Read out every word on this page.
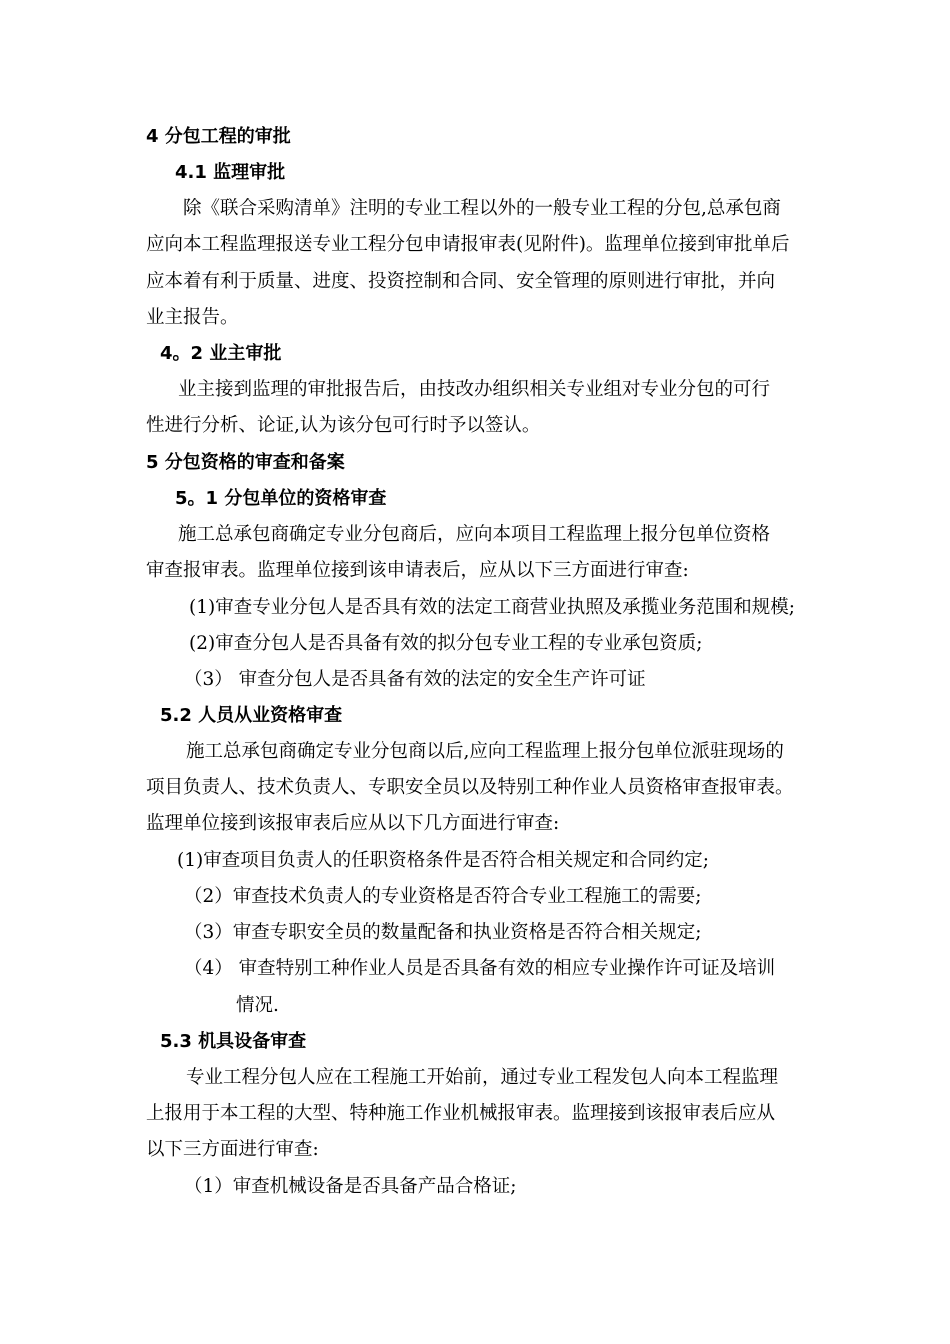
4 分包工程的审批
4.1 监理审批
除《联合采购清单》注明的专业工程以外的一般专业工程的分包,总承包商
应向本工程监理报送专业工程分包申请报审表(见附件)。监理单位接到审批单后
应本着有利于质量、进度、投资控制和合同、安全管理的原则进行审批，并向
业主报告。
4。2 业主审批
业主接到监理的审批报告后，由技改办组织相关专业组对专业分包的可行
性进行分析、论证,认为该分包可行时予以签认。
5 分包资格的审查和备案
5。1 分包单位的资格审查
施工总承包商确定专业分包商后，应向本项目工程监理上报分包单位资格
审查报审表。监理单位接到该申请表后，应从以下三方面进行审查:
(1)审查专业分包人是否具有效的法定工商营业执照及承揽业务范围和规模;
(2)审查分包人是否具备有效的拟分包专业工程的专业承包资质;
（3） 审查分包人是否具备有效的法定的安全生产许可证
5.2 人员从业资格审查
施工总承包商确定专业分包商以后,应向工程监理上报分包单位派驻现场的
项目负责人、技术负责人、专职安全员以及特别工种作业人员资格审查报审表。
监理单位接到该报审表后应从以下几方面进行审查:
(1)审查项目负责人的任职资格条件是否符合相关规定和合同约定;
（2）审查技术负责人的专业资格是否符合专业工程施工的需要;
（3）审查专职安全员的数量配备和执业资格是否符合相关规定;
（4） 审查特别工种作业人员是否具备有效的相应专业操作许可证及培训
情况.
5.3 机具设备审查
专业工程分包人应在工程施工开始前，通过专业工程发包人向本工程监理
上报用于本工程的大型、特种施工作业机械报审表。监理接到该报审表后应从
以下三方面进行审查:
（1）审查机械设备是否具备产品合格证;
